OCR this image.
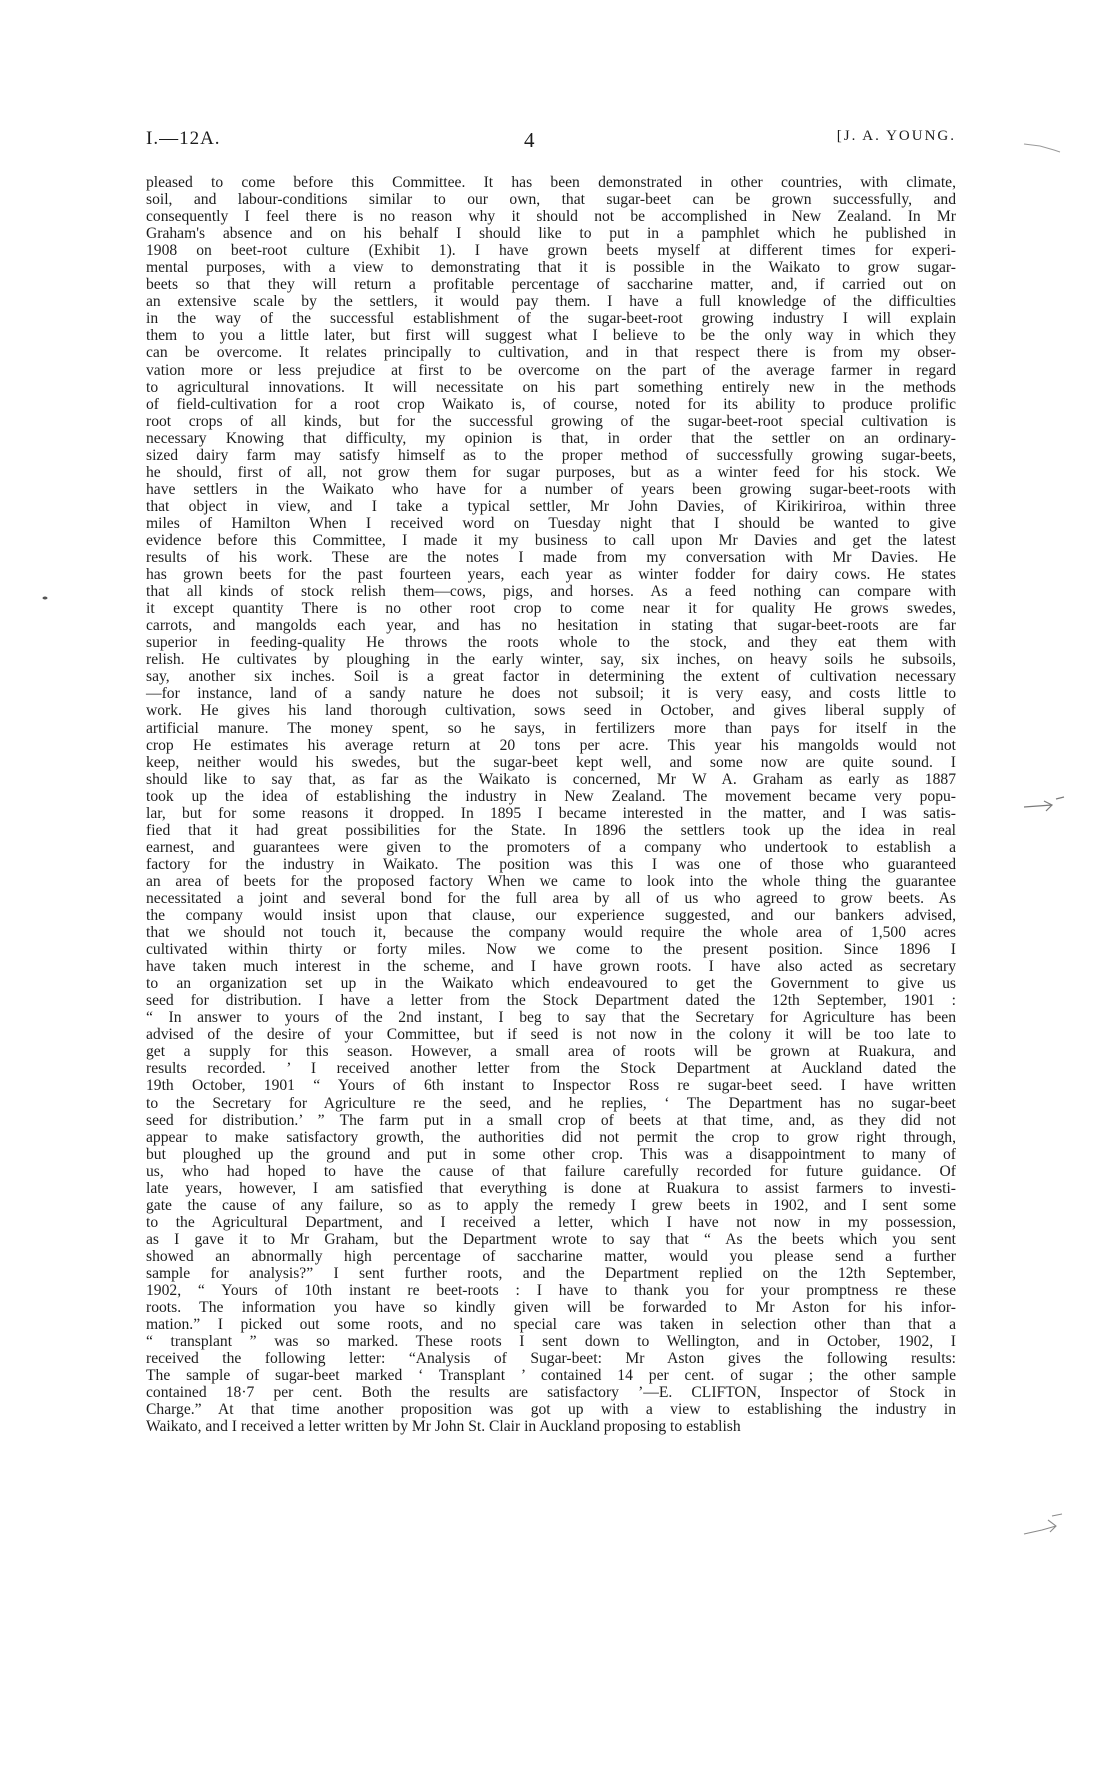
I.—12A.	4	[J. A. YOUNG.
pleased to come before this Committee. It has been demonstrated in other countries, with climate,
soil, and labour-conditions similar to our own, that sugar-beet can be grown successfully, and
consequently I feel there is no reason why it should not be accomplished in New Zealand. In Mr
Graham's absence and on his behalf I should like to put in a pamphlet which he published in
1908 on beet-root culture (Exhibit 1). I have grown beets myself at different times for experi-
mental purposes, with a view to demonstrating that it is possible in the Waikato to grow sugar-
beets so that they will return a profitable percentage of saccharine matter, and, if carried out on
an extensive scale by the settlers, it would pay them. I have a full knowledge of the difficulties
in the way of the successful establishment of the sugar-beet-root growing industry I will explain
them to you a little later, but first will suggest what I believe to be the only way in which they
can be overcome. It relates principally to cultivation, and in that respect there is from my obser-
vation more or less prejudice at first to be overcome on the part of the average farmer in regard
to agricultural innovations. It will necessitate on his part something entirely new in the methods
of field-cultivation for a root crop Waikato is, of course, noted for its ability to produce prolific
root crops of all kinds, but for the successful growing of the sugar-beet-root special cultivation is
necessary Knowing that difficulty, my opinion is that, in order that the settler on an ordinary-
sized dairy farm may satisfy himself as to the proper method of successfully growing sugar-beets,
he should, first of all, not grow them for sugar purposes, but as a winter feed for his stock. We
have settlers in the Waikato who have for a number of years been growing sugar-beet-roots with
that object in view, and I take a typical settler, Mr John Davies, of Kirikiriroa, within three
miles of Hamilton When I received word on Tuesday night that I should be wanted to give
evidence before this Committee, I made it my business to call upon Mr Davies and get the latest
results of his work. These are the notes I made from my conversation with Mr Davies. He
has grown beets for the past fourteen years, each year as winter fodder for dairy cows. He states
that all kinds of stock relish them—cows, pigs, and horses. As a feed nothing can compare with
it except quantity There is no other root crop to come near it for quality He grows swedes,
carrots, and mangolds each year, and has no hesitation in stating that sugar-beet-roots are far
superior in feeding-quality He throws the roots whole to the stock, and they eat them with
relish. He cultivates by ploughing in the early winter, say, six inches, on heavy soils he subsoils,
say, another six inches. Soil is a great factor in determining the extent of cultivation necessary
—for instance, land of a sandy nature he does not subsoil; it is very easy, and costs little to
work. He gives his land thorough cultivation, sows seed in October, and gives liberal supply of
artificial manure. The money spent, so he says, in fertilizers more than pays for itself in the
crop He estimates his average return at 20 tons per acre. This year his mangolds would not
keep, neither would his swedes, but the sugar-beet kept well, and some now are quite sound. I
should like to say that, as far as the Waikato is concerned, Mr W A. Graham as early as 1887
took up the idea of establishing the industry in New Zealand. The movement became very popu-
lar, but for some reasons it dropped. In 1895 I became interested in the matter, and I was satis-
fied that it had great possibilities for the State. In 1896 the settlers took up the idea in real
earnest, and guarantees were given to the promoters of a company who undertook to establish a
factory for the industry in Waikato. The position was this I was one of those who guaranteed
an area of beets for the proposed factory When we came to look into the whole thing the guarantee
necessitated a joint and several bond for the full area by all of us who agreed to grow beets. As
the company would insist upon that clause, our experience suggested, and our bankers advised,
that we should not touch it, because the company would require the whole area of 1,500 acres
cultivated within thirty or forty miles. Now we come to the present position. Since 1896 I
have taken much interest in the scheme, and I have grown roots. I have also acted as secretary
to an organization set up in the Waikato which endeavoured to get the Government to give us
seed for distribution. I have a letter from the Stock Department dated the 12th September, 1901 :
“ In answer to yours of the 2nd instant, I beg to say that the Secretary for Agriculture has been
advised of the desire of your Committee, but if seed is not now in the colony it will be too late to
get a supply for this season. However, a small area of roots will be grown at Ruakura, and
results recorded. ’ I received another letter from the Stock Department at Auckland dated the
19th October, 1901 “ Yours of 6th instant to Inspector Ross re sugar-beet seed. I have written
to the Secretary for Agriculture re the seed, and he replies, ‘ The Department has no sugar-beet
seed for distribution.’ ” The farm put in a small crop of beets at that time, and, as they did not
appear to make satisfactory growth, the authorities did not permit the crop to grow right through,
but ploughed up the ground and put in some other crop. This was a disappointment to many of
us, who had hoped to have the cause of that failure carefully recorded for future guidance. Of
late years, however, I am satisfied that everything is done at Ruakura to assist farmers to investi-
gate the cause of any failure, so as to apply the remedy I grew beets in 1902, and I sent some
to the Agricultural Department, and I received a letter, which I have not now in my possession,
as I gave it to Mr Graham, but the Department wrote to say that “ As the beets which you sent
showed an abnormally high percentage of saccharine matter, would you please send a further
sample for analysis?” I sent further roots, and the Department replied on the 12th September,
1902, “ Yours of 10th instant re beet-roots : I have to thank you for your promptness re these
roots. The information you have so kindly given will be forwarded to Mr Aston for his infor-
mation.” I picked out some roots, and no special care was taken in selection other than that a
“ transplant ” was so marked. These roots I sent down to Wellington, and in October, 1902, I
received the following letter: “Analysis of Sugar-beet: Mr Aston gives the following results:
The sample of sugar-beet marked ‘ Transplant ’ contained 14 per cent. of sugar ; the other sample
contained 18·7 per cent. Both the results are satisfactory ’—E. CLIFTON, Inspector of Stock in
Charge.” At that time another proposition was got up with a view to establishing the industry in
Waikato, and I received a letter written by Mr John St. Clair in Auckland proposing to establish
